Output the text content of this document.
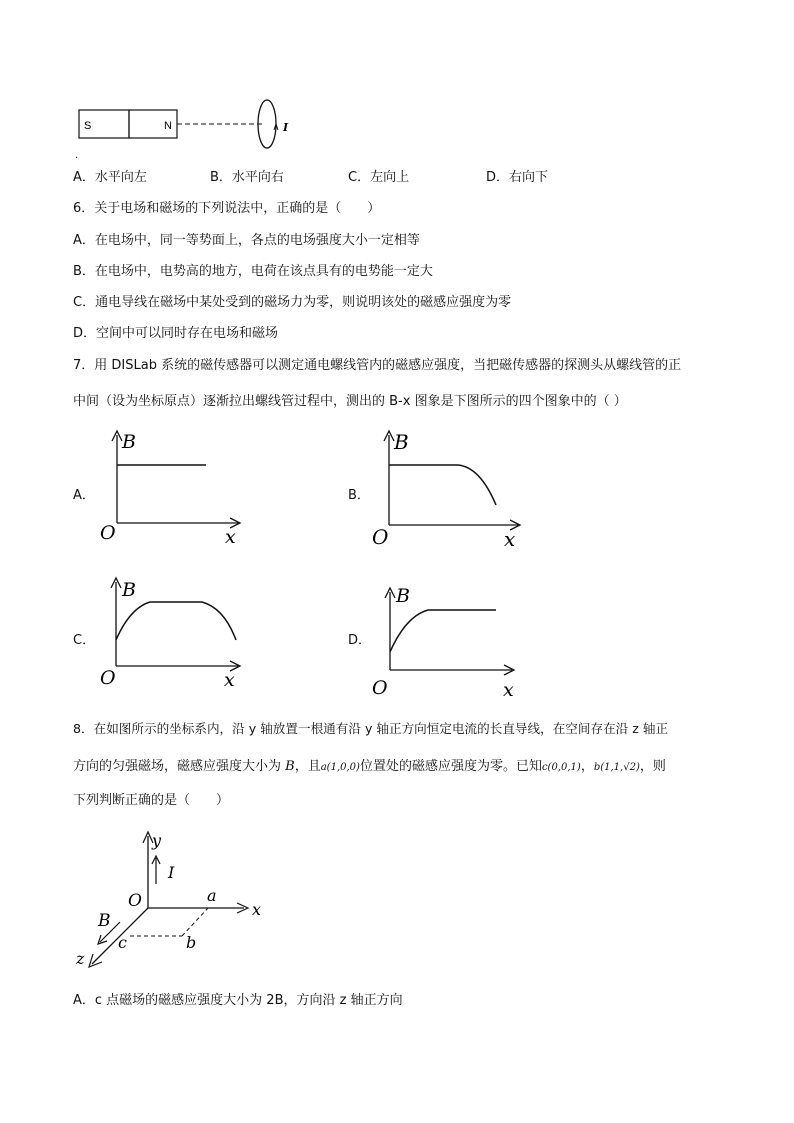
S	N	I
.
A．水平向左	B．水平向右	C．左向上	D．右向下
6．关于电场和磁场的下列说法中，正确的是（　　）
A．在电场中，同一等势面上，各点的电场强度大小一定相等
B．在电场中，电势高的地方，电荷在该点具有的电势能一定大
C．通电导线在磁场中某处受到的磁场力为零，则说明该处的磁感应强度为零
D．空间中可以同时存在电场和磁场
7．用 DISLab 系统的磁传感器可以测定通电螺线管内的磁感应强度，当把磁传感器的探测头从螺线管的正
中间（设为坐标原点）逐渐拉出螺线管过程中，测出的 B-x 图象是下图所示的四个图象中的（ ）
A．
B
O	x
B．
B
O	x
C．
B
O	x
D．
B
O	x
8．在如图所示的坐标系内，沿 y 轴放置一根通有沿 y 轴正方向恒定电流的长直导线，在空间存在沿 z 轴正
方向的匀强磁场，磁感应强度大小为 B，且a(1,0,0)位置处的磁感应强度为零。已知c(0,0,1)，b(1,1,√2)，则
下列判断正确的是（　　）
y
I
x
O	a
b
c
B
z
A．c 点磁场的磁感应强度大小为 2B，方向沿 z 轴正方向
